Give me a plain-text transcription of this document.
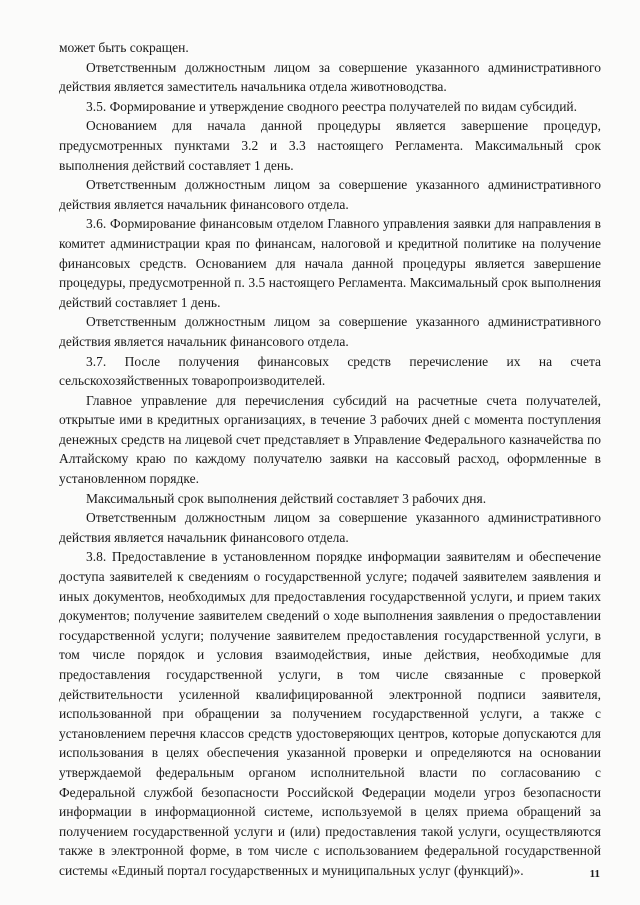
может быть сокращен.

Ответственным должностным лицом за совершение указанного административного действия является заместитель начальника отдела животноводства.

3.5. Формирование и утверждение сводного реестра получателей по видам субсидий.

Основанием для начала данной процедуры является завершение процедур, предусмотренных пунктами 3.2 и 3.3 настоящего Регламента. Максимальный срок выполнения действий составляет 1 день.

Ответственным должностным лицом за совершение указанного административного действия является начальник финансового отдела.

3.6. Формирование финансовым отделом Главного управления заявки для направления в комитет администрации края по финансам, налоговой и кредитной политике на получение финансовых средств. Основанием для начала данной процедуры является завершение процедуры, предусмотренной п. 3.5 настоящего Регламента. Максимальный срок выполнения действий составляет 1 день.

Ответственным должностным лицом за совершение указанного административного действия является начальник финансового отдела.

3.7. После получения финансовых средств перечисление их на счета сельскохозяйственных товаропроизводителей.

Главное управление для перечисления субсидий на расчетные счета получателей, открытые ими в кредитных организациях, в течение 3 рабочих дней с момента поступления денежных средств на лицевой счет представляет в Управление Федерального казначейства по Алтайскому краю по каждому получателю заявки на кассовый расход, оформленные в установленном порядке.

Максимальный срок выполнения действий составляет 3 рабочих дня.

Ответственным должностным лицом за совершение указанного административного действия является начальник финансового отдела.

3.8. Предоставление в установленном порядке информации заявителям и обеспечение доступа заявителей к сведениям о государственной услуге; подачей заявителем заявления и иных документов, необходимых для предоставления государственной услуги, и прием таких документов; получение заявителем сведений о ходе выполнения заявления о предоставлении государственной услуги; получение заявителем предоставления государственной услуги, в том числе порядок и условия взаимодействия, иные действия, необходимые для предоставления государственной услуги, в том числе связанные с проверкой действительности усиленной квалифицированной электронной подписи заявителя, использованной при обращении за получением государственной услуги, а также с установлением перечня классов средств удостоверяющих центров, которые допускаются для использования в целях обеспечения указанной проверки и определяются на основании утверждаемой федеральным органом исполнительной власти по согласованию с Федеральной службой безопасности Российской Федерации модели угроз безопасности информации в информационной системе, используемой в целях приема обращений за получением государственной услуги и (или) предоставления такой услуги, осуществляются также в электронной форме, в том числе с использованием федеральной государственной системы «Единый портал государственных и муниципальных услуг (функций)».	11
